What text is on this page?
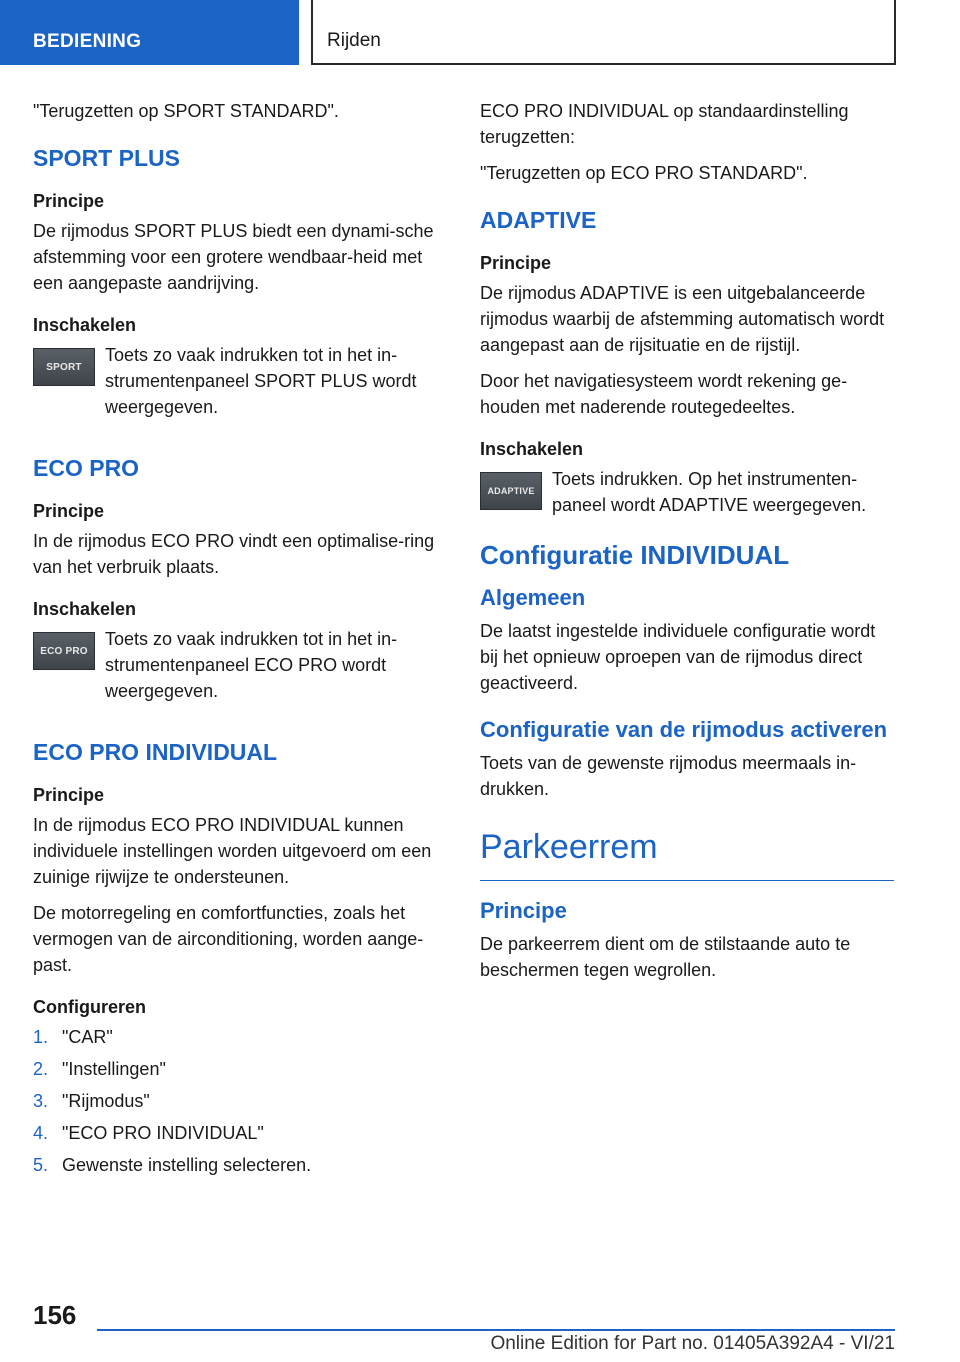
BEDIENING	Rijden

"Terugzetten op SPORT STANDARD".

SPORT PLUS
Principe

De rijmodus SPORT PLUS biedt een dynami-sche afstemming voor een grotere wendbaar-heid met een aangepaste aandrijving.

Inschakelen
SPORT
Toets zo vaak indrukken tot in het in-strumentenpaneel SPORT PLUS wordt weergegeven.
ECO PRO
Principe

In de rijmodus ECO PRO vindt een optimalise-ring van het verbruik plaats.

Inschakelen
ECO PRO
Toets zo vaak indrukken tot in het in-strumentenpaneel ECO PRO wordt weergegeven.
ECO PRO INDIVIDUAL
Principe

In de rijmodus ECO PRO INDIVIDUAL kunnen individuele instellingen worden uitgevoerd om een zuinige rijwijze te ondersteunen.

De motorregeling en comfortfuncties, zoals het vermogen van de airconditioning, worden aange-past.

Configureren
1. "CAR"
2. "Instellingen"
3. "Rijmodus"
4. "ECO PRO INDIVIDUAL"
5. Gewenste instelling selecteren.

ECO PRO INDIVIDUAL op standaardinstelling terugzetten:

"Terugzetten op ECO PRO STANDARD".

ADAPTIVE
Principe

De rijmodus ADAPTIVE is een uitgebalanceerde rijmodus waarbij de afstemming automatisch wordt aangepast aan de rijsituatie en de rijstijl.

Door het navigatiesysteem wordt rekening ge-houden met naderende routegedeeltes.

Inschakelen
ADAPTIVE
Toets indrukken. Op het instrumenten-paneel wordt ADAPTIVE weergegeven.
Configuratie INDIVIDUAL
Algemeen

De laatst ingestelde individuele configuratie wordt bij het opnieuw oproepen van de rijmodus direct geactiveerd.

Configuratie van de rijmodus activeren

Toets van de gewenste rijmodus meermaals in-drukken.

Parkeerrem
Principe

De parkeerrem dient om de stilstaande auto te beschermen tegen wegrollen.

156
Online Edition for Part no. 01405A392A4 - VI/21
